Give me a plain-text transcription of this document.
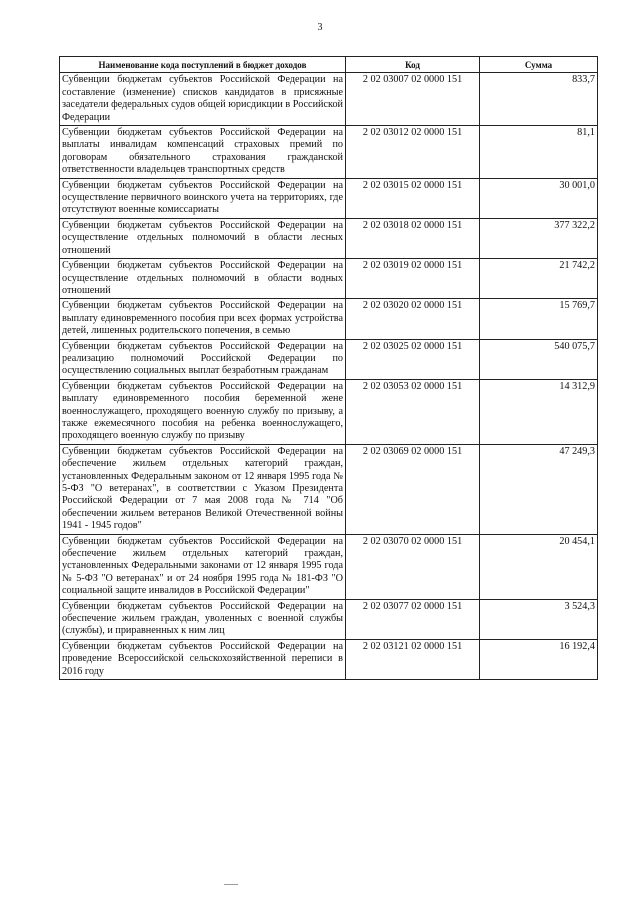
3
Наименование кода поступлений в бюджет доходов	Код	Сумма
Субвенции бюджетам субъектов Российской Федерации на составление (изменение) списков кандидатов в присяжные заседатели федеральных судов общей юрисдикции в Российской Федерации	2 02 03007 02 0000 151	833,7
Субвенции бюджетам субъектов Российской Федерации на выплаты инвалидам компенсаций страховых премий по договорам обязательного страхования гражданской ответственности владельцев транспортных средств	2 02 03012 02 0000 151	81,1
Субвенции бюджетам субъектов Российской Федерации на осуществление первичного воинского учета на территориях, где отсутствуют военные комиссариаты	2 02 03015 02 0000 151	30 001,0
Субвенции бюджетам субъектов Российской Федерации на осуществление отдельных полномочий в области лесных отношений	2 02 03018 02 0000 151	377 322,2
Субвенции бюджетам субъектов Российской Федерации на осуществление отдельных полномочий в области водных отношений	2 02 03019 02 0000 151	21 742,2
Субвенции бюджетам субъектов Российской Федерации на выплату единовременного пособия при всех формах устройства детей, лишенных родительского попечения, в семью	2 02 03020 02 0000 151	15 769,7
Субвенции бюджетам субъектов Российской Федерации на реализацию полномочий Российской Федерации по осуществлению социальных выплат безработным гражданам	2 02 03025 02 0000 151	540 075,7
Субвенции бюджетам субъектов Российской Федерации на выплату единовременного пособия беременной жене военнослужащего, проходящего военную службу по призыву, а также ежемесячного пособия на ребенка военнослужащего, проходящего военную службу по призыву	2 02 03053 02 0000 151	14 312,9
Субвенции бюджетам субъектов Российской Федерации на обеспечение жильем отдельных категорий граждан, установленных Федеральным законом от 12 января 1995 года № 5-ФЗ "О ветеранах", в соответствии с Указом Президента Российской Федерации от 7 мая 2008 года № 714 "Об обеспечении жильем ветеранов Великой Отечественной войны 1941 - 1945 годов"	2 02 03069 02 0000 151	47 249,3
Субвенции бюджетам субъектов Российской Федерации на обеспечение жильем отдельных категорий граждан, установленных Федеральными законами от 12 января 1995 года № 5-ФЗ "О ветеранах" и от 24 ноября 1995 года № 181-ФЗ "О социальной защите инвалидов в Российской Федерации"	2 02 03070 02 0000 151	20 454,1
Субвенции бюджетам субъектов Российской Федерации на обеспечение жильем граждан, уволенных с военной службы (службы), и приравненных к ним лиц	2 02 03077 02 0000 151	3 524,3
Субвенции бюджетам субъектов Российской Федерации на проведение Всероссийской сельскохозяйственной переписи в 2016 году	2 02 03121 02 0000 151	16 192,4
